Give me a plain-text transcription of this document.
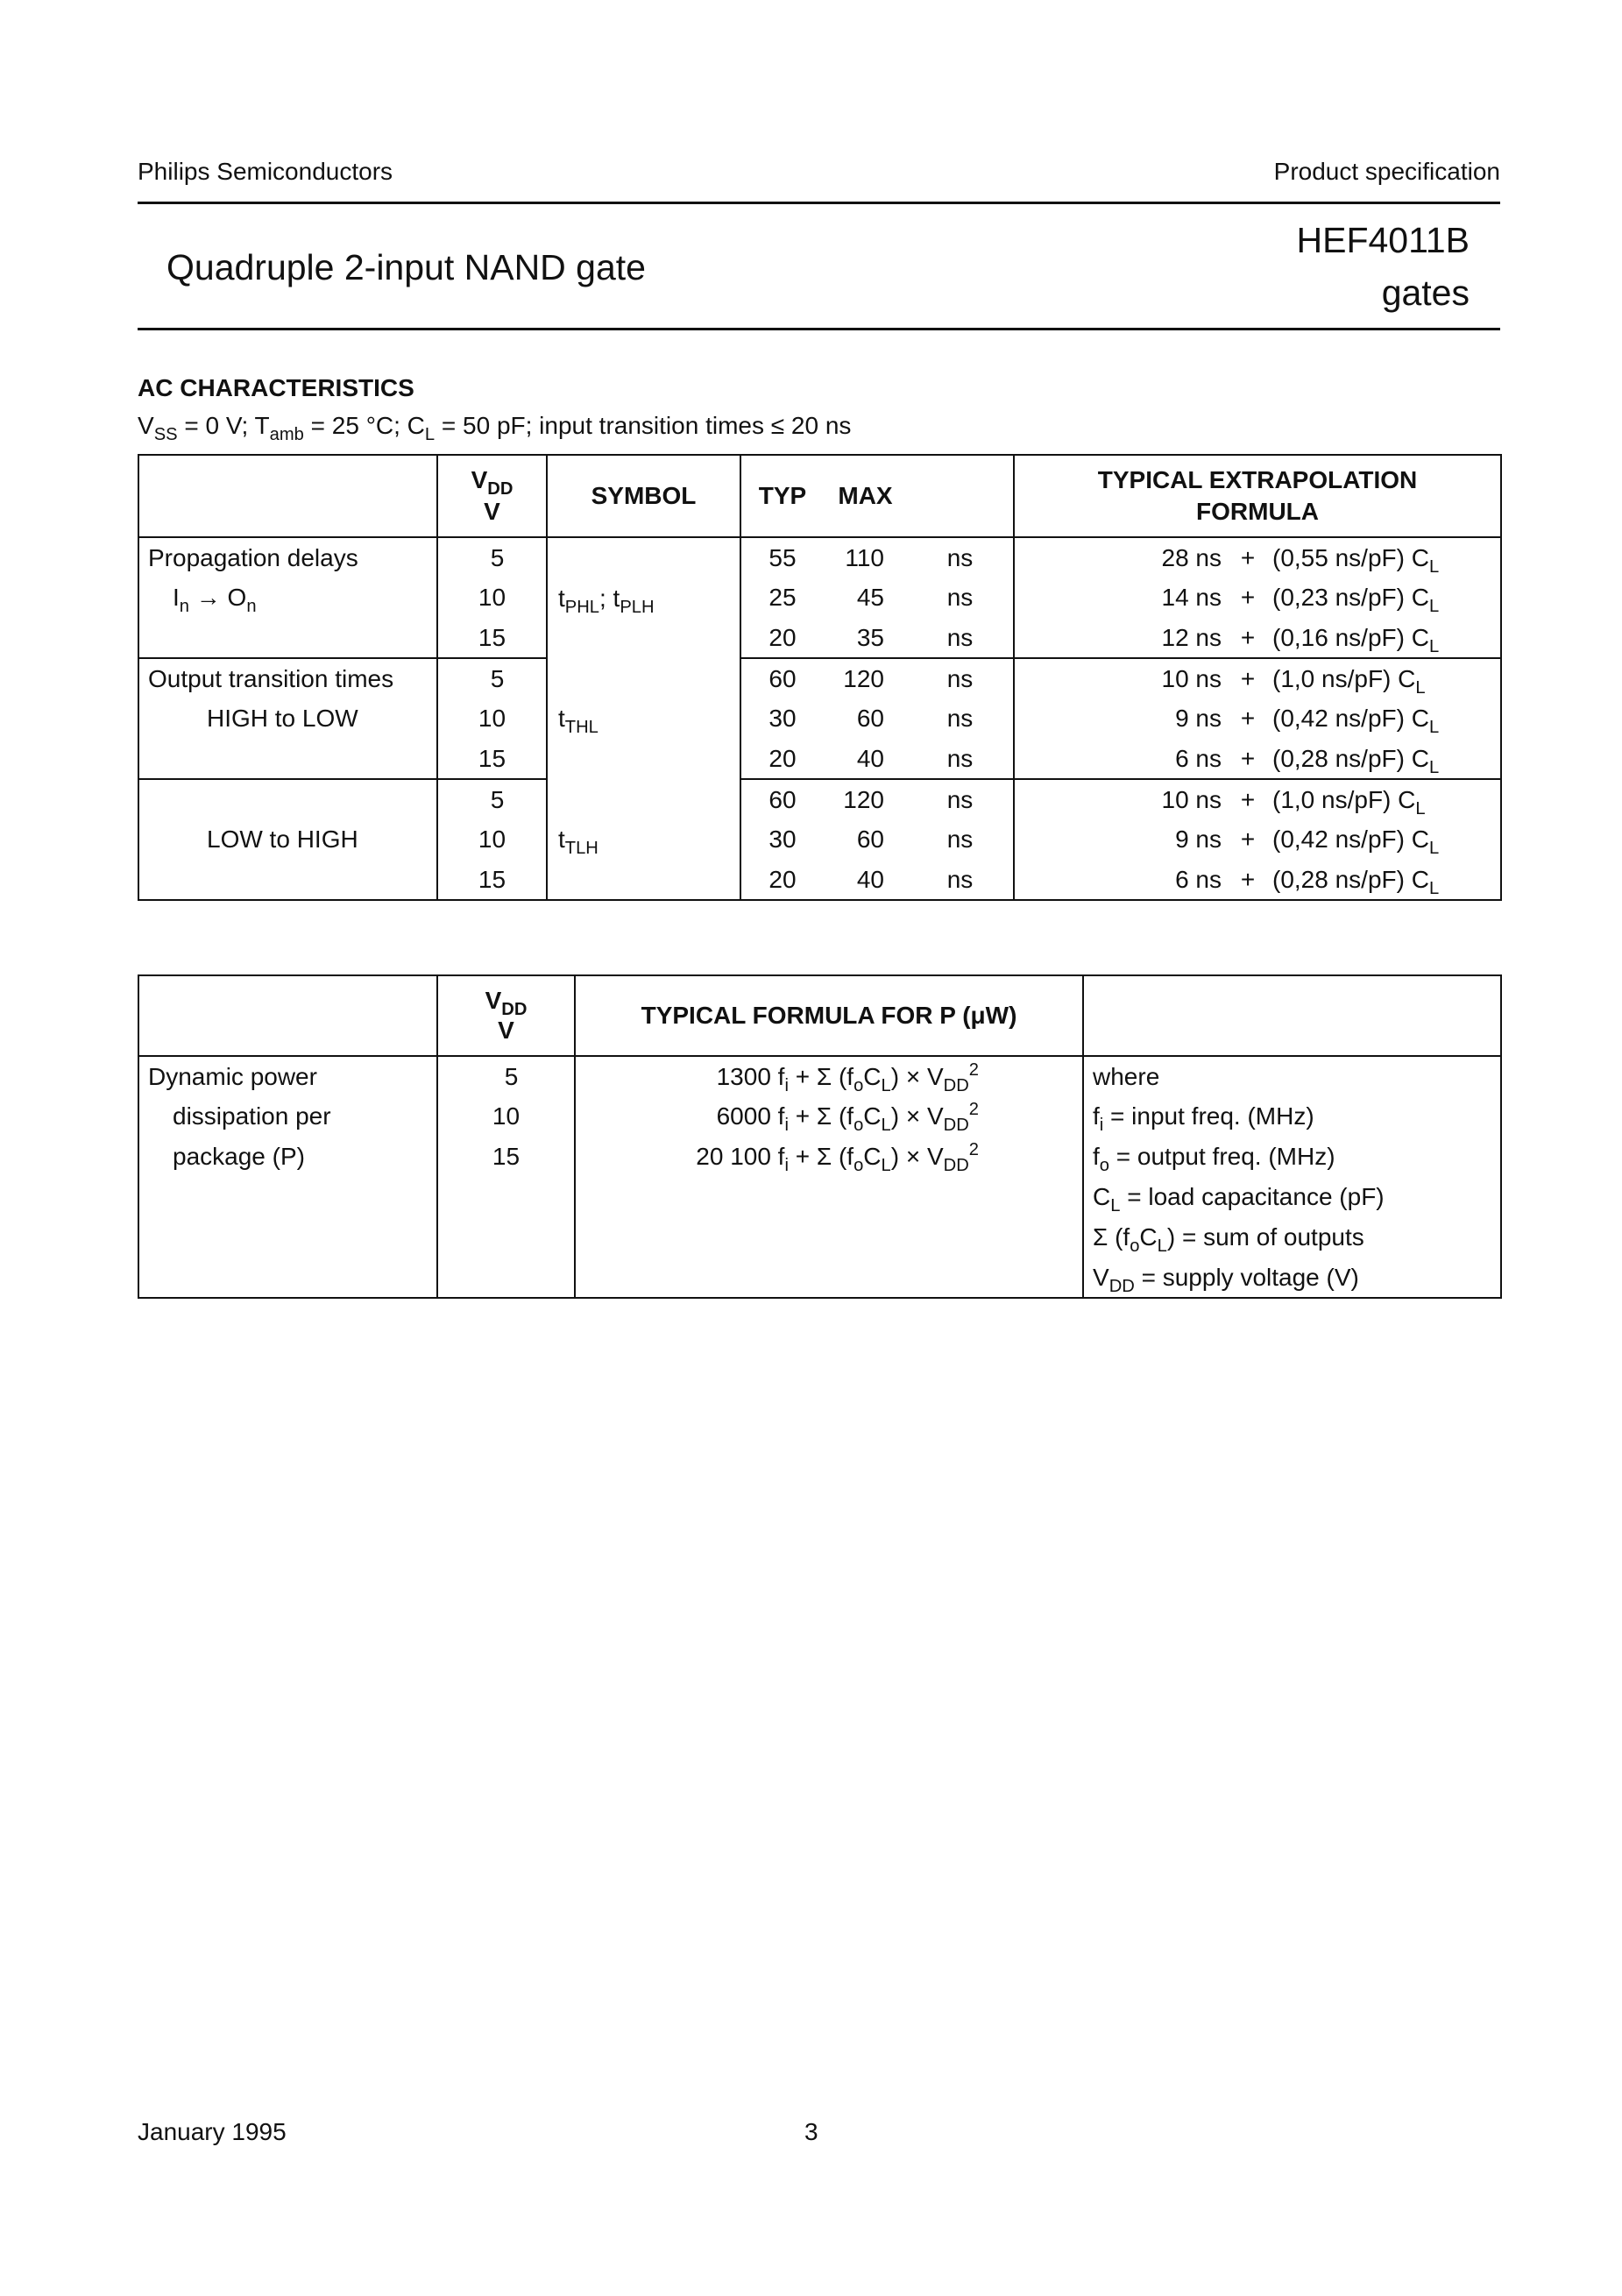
Philips Semiconductors	Product specification
Quadruple 2-input NAND gate
HEF4011B
gates
AC CHARACTERISTICS
$V_{SS} = 0$ V; $T_{amb} = 25$ °C; $C_L = 50$ pF; input transition times ≤ 20 ns
	$V_{DD}$
V	SYMBOL	TYP	MAX		TYPICAL EXTRAPOLATION
FORMULA		
Propagation delays	5	$t_{PHL}$; $t_{PLH}$	55	110	ns	28 ns	+	(0,55 ns/pF) $C_L$
$I_n \to O_n$	10		25	45	ns	14 ns	+	(0,23 ns/pF) $C_L$
	15		20	35	ns	12 ns	+	(0,16 ns/pF) $C_L$
Output transition times	5	$t_{THL}$	60	120	ns	10 ns	+	(1,0 ns/pF) $C_L$
HIGH to LOW	10		30	60	ns	9 ns	+	(0,42 ns/pF) $C_L$
	15		20	40	ns	6 ns	+	(0,28 ns/pF) $C_L$
LOW to HIGH	5	$t_{TLH}$	60	120	ns	10 ns	+	(1,0 ns/pF) $C_L$
	10		30	60	ns	9 ns	+	(0,42 ns/pF) $C_L$
	15		20	40	ns	6 ns	+	(0,28 ns/pF) $C_L$
	$V_{DD}$
V	TYPICAL FORMULA FOR P (μW)	
Dynamic power	5	1300 $f_i + \Sigma$ $(f_oC_L) \times V_{DD}^2$	where
dissipation per	10	6000 $f_i + \Sigma$ $(f_oC_L) \times V_{DD}^2$	$f_i$ = input freq. (MHz)
package (P)	15	20 100 $f_i + \Sigma$ $(f_oC_L) \times V_{DD}^2$	$f_o$ = output freq. (MHz)
			$C_L$ = load capacitance (pF)
			Σ $(f_oC_L)$ = sum of outputs
			$V_{DD}$ = supply voltage (V)
January 1995	3
